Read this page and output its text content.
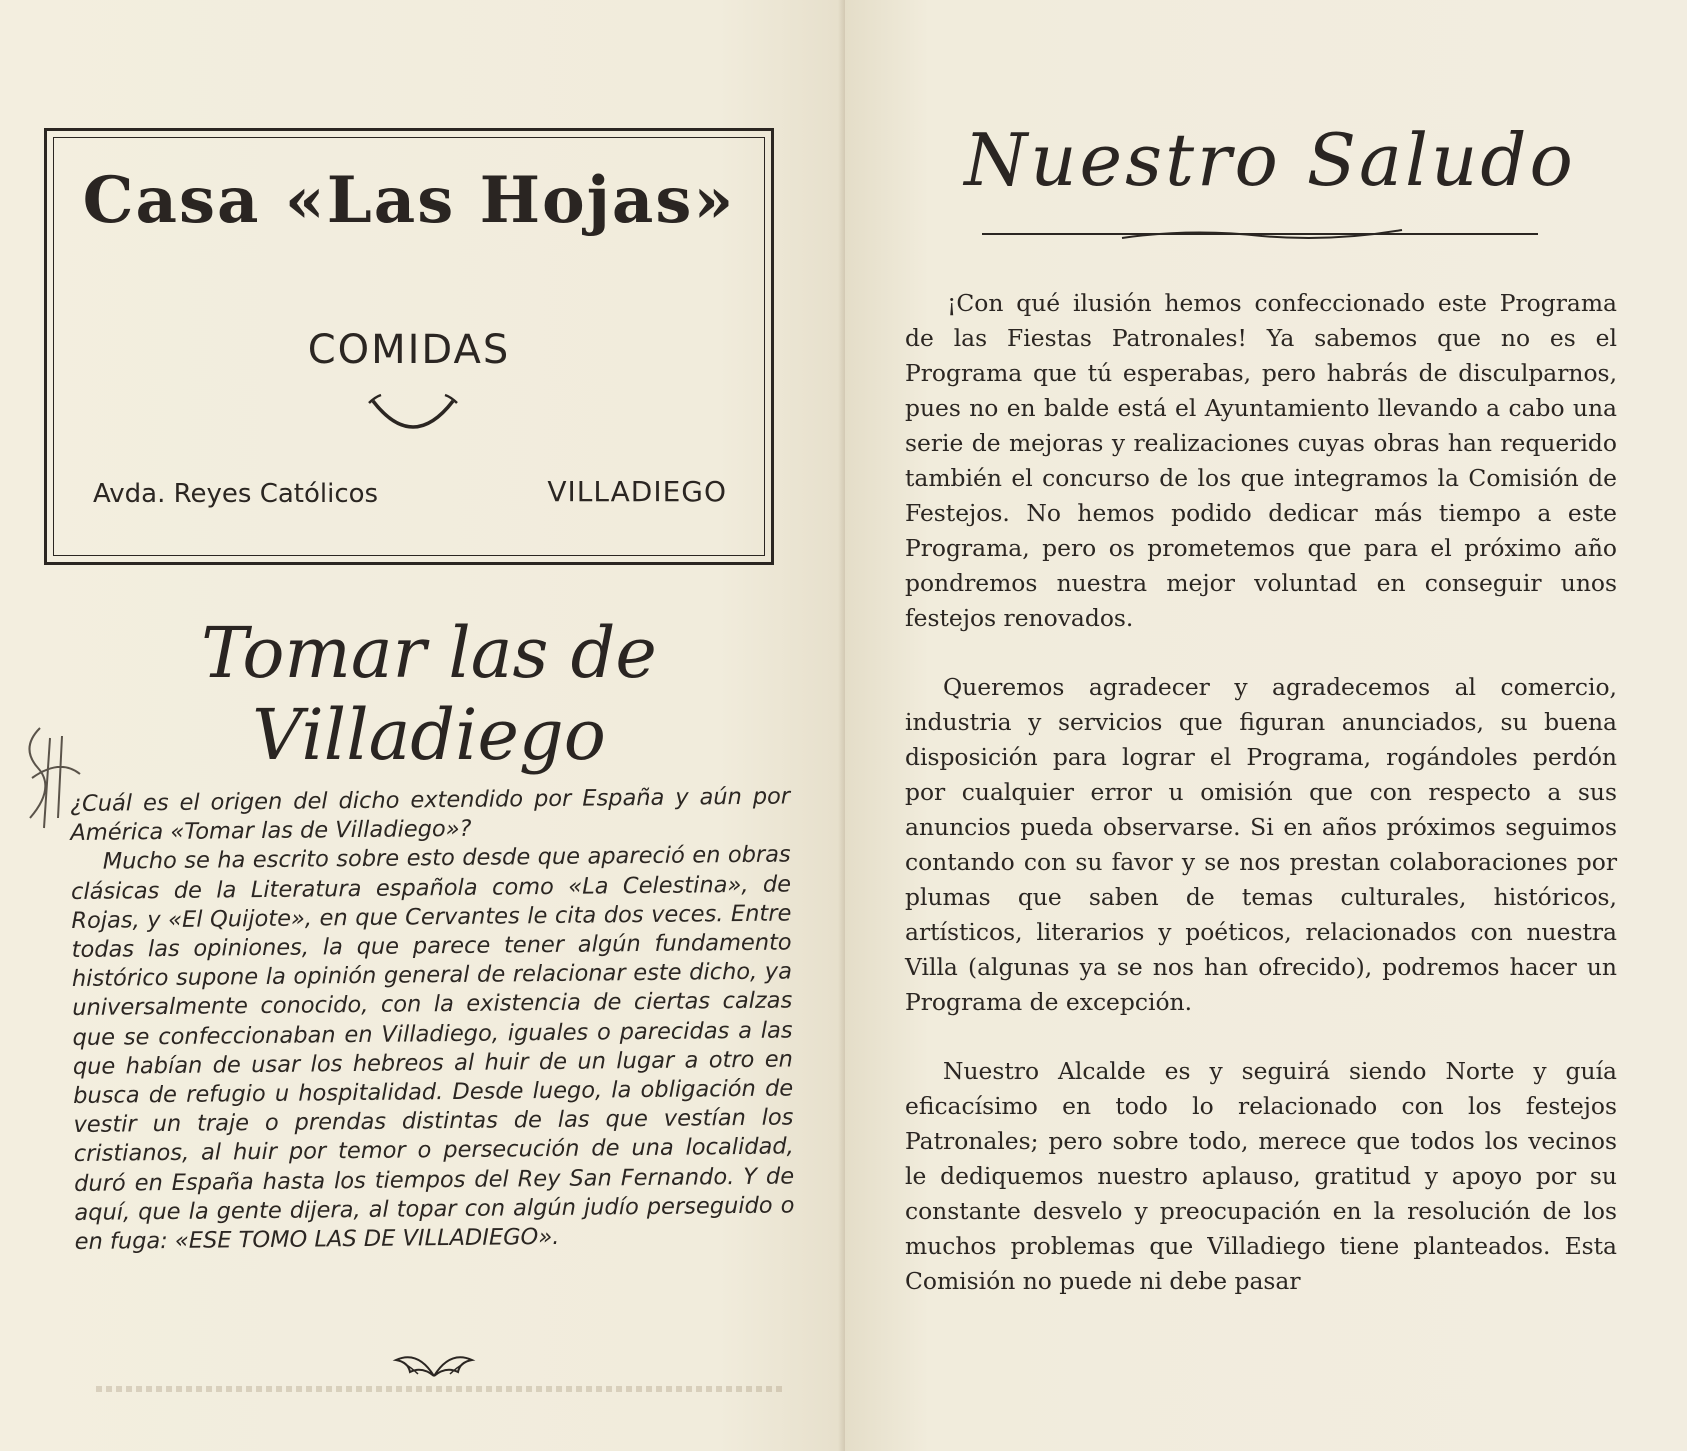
Casa «Las Hojas»
COMIDAS
Avda. Reyes Católicos	VILLADIEGO
Tomar las de Villadiego

¿Cuál es el origen del dicho extendido por España y aún por América «Tomar las de Villadiego»?

Mucho se ha escrito sobre esto desde que apareció en obras clásicas de la Literatura española como «La Celestina», de Rojas, y «El Quijote», en que Cervantes le cita dos veces. Entre todas las opiniones, la que parece tener algún fundamento histórico supone la opinión general de relacionar este dicho, ya universalmente conocido, con la existencia de ciertas calzas que se confeccionaban en Villadiego, iguales o parecidas a las que habían de usar los hebreos al huir de un lugar a otro en busca de refugio u hospitalidad. Desde luego, la obligación de vestir un traje o prendas distintas de las que vestían los cristianos, al huir por temor o persecución de una localidad, duró en España hasta los tiempos del Rey San Fernando. Y de aquí, que la gente dijera, al topar con algún judío perseguido o en fuga: «ESE TOMO LAS DE VILLADIEGO».

Nuestro Saludo

¡Con qué ilusión hemos confeccionado este Programa de las Fiestas Patronales! Ya sabemos que no es el Programa que tú esperabas, pero habrás de disculparnos, pues no en balde está el Ayuntamiento llevando a cabo una serie de mejoras y realizaciones cuyas obras han requerido también el concurso de los que integramos la Comisión de Festejos. No hemos podido dedicar más tiempo a este Programa, pero os prometemos que para el próximo año pondremos nuestra mejor voluntad en conseguir unos festejos renovados.

Queremos agradecer y agradecemos al comercio, industria y servicios que figuran anunciados, su buena disposición para lograr el Programa, rogándoles perdón por cualquier error u omisión que con respecto a sus anuncios pueda observarse. Si en años próximos seguimos contando con su favor y se nos prestan colaboraciones por plumas que saben de temas culturales, históricos, artísticos, literarios y poéticos, relacionados con nuestra Villa (algunas ya se nos han ofrecido), podremos hacer un Programa de excepción.

Nuestro Alcalde es y seguirá siendo Norte y guía eficacísimo en todo lo relacionado con los festejos Patronales; pero sobre todo, merece que todos los vecinos le dediquemos nuestro aplauso, gratitud y apoyo por su constante desvelo y preocupación en la resolución de los muchos problemas que Villadiego tiene planteados. Esta Comisión no puede ni debe pasar
